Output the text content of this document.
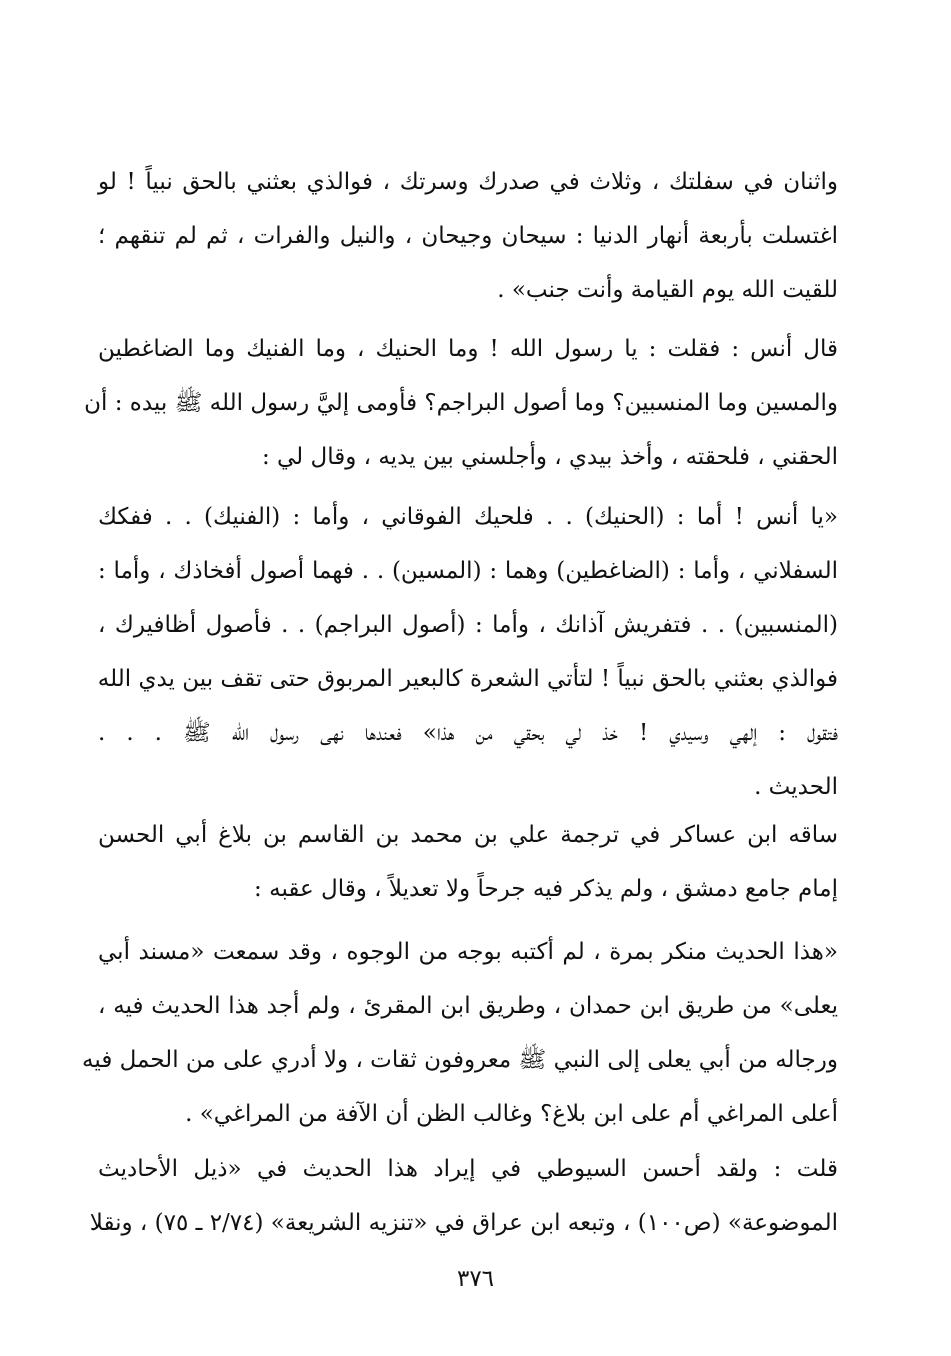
واثنان في سفلتك ، وثلاث في صدرك وسرتك ، فوالذي بعثني بالحق نبياً ! لو
اغتسلت بأربعة أنهار الدنيا : سيحان وجيحان ، والنيل والفرات ، ثم لم تنقهم ؛
للقيت الله يوم القيامة وأنت جنب» .
قال أنس : فقلت : يا رسول الله ! وما الحنيك ، وما الفنيك وما الضاغطين
والمسين وما المنسبين؟ وما أصول البراجم؟ فأومى إليَّ رسول الله ﷺ بيده : أن
الحقني ، فلحقته ، وأخذ بيدي ، وأجلسني بين يديه ، وقال لي :
«يا أنس ! أما : (الحنيك) . . فلحيك الفوقاني ، وأما : (الفنيك) . . ففكك
السفلاني ، وأما : (الضاغطين) وهما : (المسين) . . فهما أصول أفخاذك ، وأما :
(المنسبين) . . فتفريش آذانك ، وأما : (أصول البراجم) . . فأصول أظافيرك ،
فوالذي بعثني بالحق نبياً ! لتأتي الشعرة كالبعير المربوق حتى تقف بين يدي الله
فتقول : إلهي وسيدي ! خذ لي بحقي من هذا» فعندها نهى رسول الله ﷺ . . .
الحديث .
ساقه ابن عساكر في ترجمة علي بن محمد بن القاسم بن بلاغ أبي الحسن
إمام جامع دمشق ، ولم يذكر فيه جرحاً ولا تعديلاً ، وقال عقبه :
«هذا الحديث منكر بمرة ، لم أكتبه بوجه من الوجوه ، وقد سمعت «مسند أبي
يعلى» من طريق ابن حمدان ، وطريق ابن المقرئ ، ولم أجد هذا الحديث فيه ،
ورجاله من أبي يعلى إلى النبي ﷺ معروفون ثقات ، ولا أدري على من الحمل فيه
أعلى المراغي أم على ابن بلاغ؟ وغالب الظن أن الآفة من المراغي» .
قلت : ولقد أحسن السيوطي في إيراد هذا الحديث في «ذيل الأحاديث
الموضوعة» (ص١٠٠) ، وتبعه ابن عراق في «تنزيه الشريعة» (٢/٧٤ ـ ٧٥) ، ونقلا
٣٧٦
